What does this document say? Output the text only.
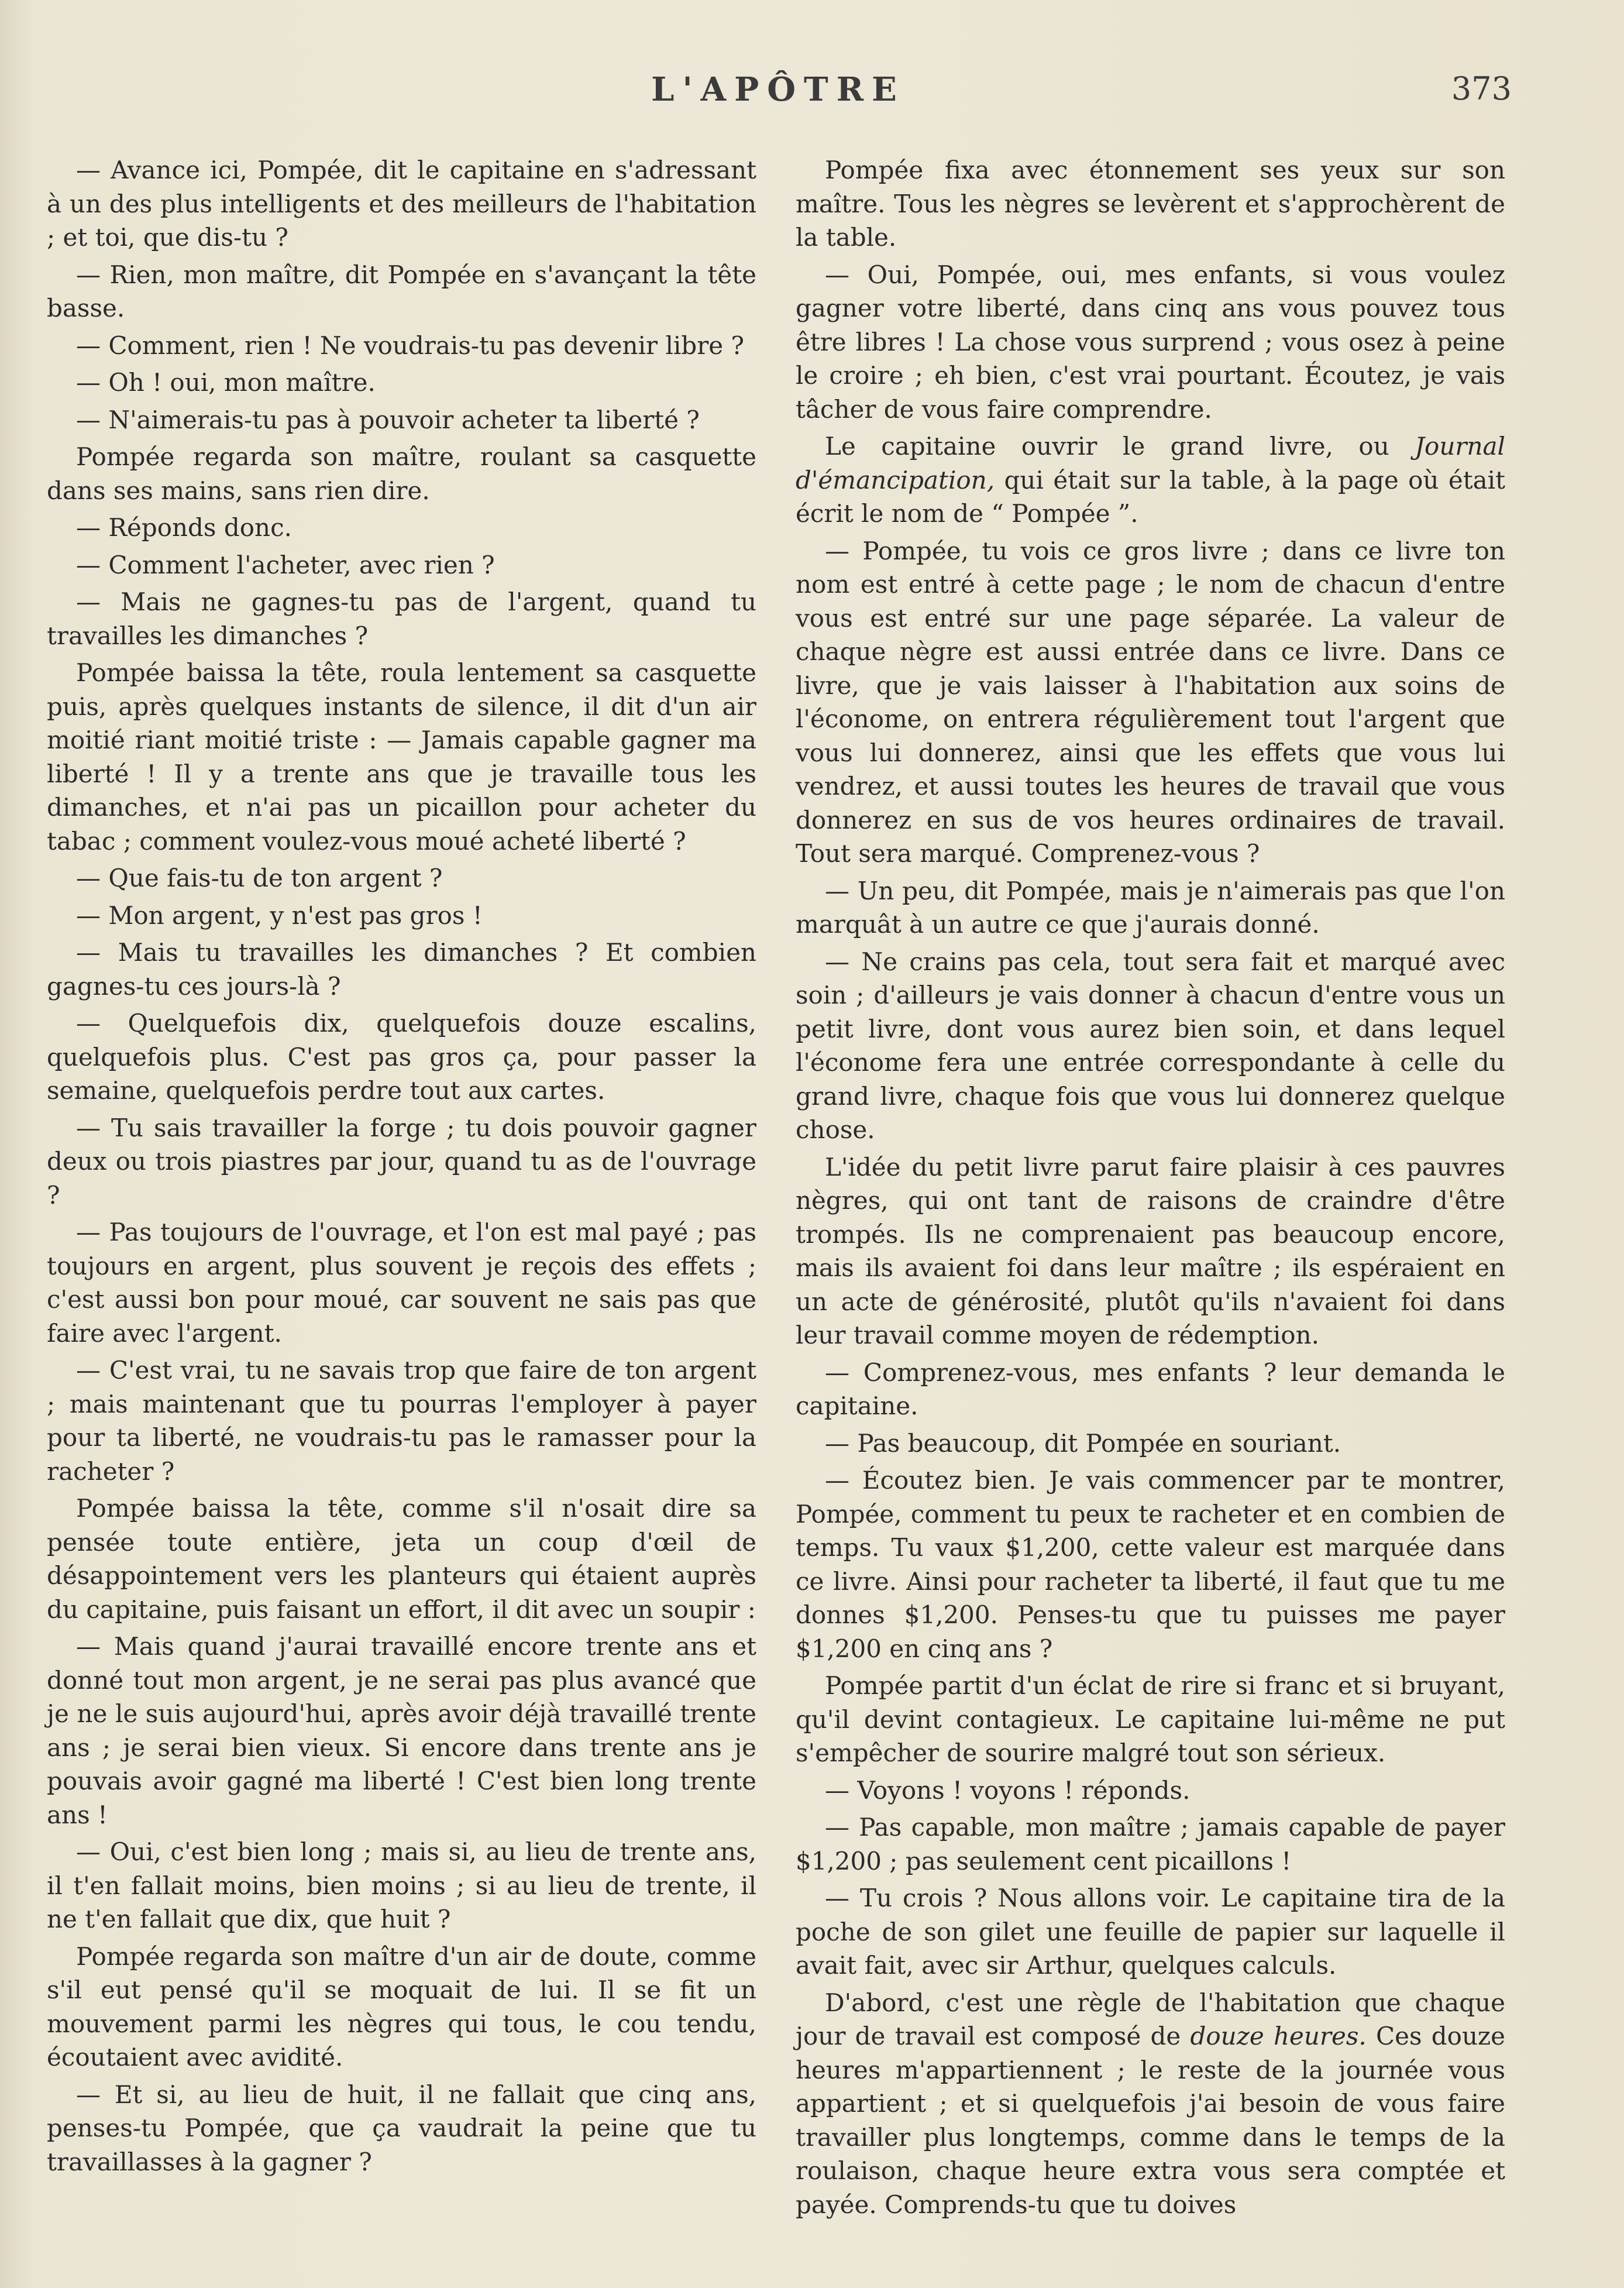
L'APÔTRE	373

— Avance ici, Pompée, dit le capitaine en s'adressant à un des plus intelligents et des meilleurs de l'habitation ; et toi, que dis-tu ?

— Rien, mon maître, dit Pompée en s'avançant la tête basse.

— Comment, rien ! Ne voudrais-tu pas devenir libre ?

— Oh ! oui, mon maître.

— N'aimerais-tu pas à pouvoir acheter ta liberté ?

Pompée regarda son maître, roulant sa casquette dans ses mains, sans rien dire.

— Réponds donc.

— Comment l'acheter, avec rien ?

— Mais ne gagnes-tu pas de l'argent, quand tu travailles les dimanches ?

Pompée baissa la tête, roula lentement sa casquette puis, après quelques instants de silence, il dit d'un air moitié riant moitié triste : — Jamais capable gagner ma liberté ! Il y a trente ans que je travaille tous les dimanches, et n'ai pas un picaillon pour acheter du tabac ; comment voulez-vous moué acheté liberté ?

— Que fais-tu de ton argent ?

— Mon argent, y n'est pas gros !

— Mais tu travailles les dimanches ? Et combien gagnes-tu ces jours-là ?

— Quelquefois dix, quelquefois douze escalins, quelquefois plus. C'est pas gros ça, pour passer la semaine, quelquefois perdre tout aux cartes.

— Tu sais travailler la forge ; tu dois pouvoir gagner deux ou trois piastres par jour, quand tu as de l'ouvrage ?

— Pas toujours de l'ouvrage, et l'on est mal payé ; pas toujours en argent, plus souvent je reçois des effets ; c'est aussi bon pour moué, car souvent ne sais pas que faire avec l'argent.

— C'est vrai, tu ne savais trop que faire de ton argent ; mais maintenant que tu pourras l'employer à payer pour ta liberté, ne voudrais-tu pas le ramasser pour la racheter ?

Pompée baissa la tête, comme s'il n'osait dire sa pensée toute entière, jeta un coup d'œil de désappointement vers les planteurs qui étaient auprès du capitaine, puis faisant un effort, il dit avec un soupir :

— Mais quand j'aurai travaillé encore trente ans et donné tout mon argent, je ne serai pas plus avancé que je ne le suis aujourd'hui, après avoir déjà travaillé trente ans ; je serai bien vieux. Si encore dans trente ans je pouvais avoir gagné ma liberté ! C'est bien long trente ans !

— Oui, c'est bien long ; mais si, au lieu de trente ans, il t'en fallait moins, bien moins ; si au lieu de trente, il ne t'en fallait que dix, que huit ?

Pompée regarda son maître d'un air de doute, comme s'il eut pensé qu'il se moquait de lui. Il se fit un mouvement parmi les nègres qui tous, le cou tendu, écoutaient avec avidité.

— Et si, au lieu de huit, il ne fallait que cinq ans, penses-tu Pompée, que ça vaudrait la peine que tu travaillasses à la gagner ?

Pompée fixa avec étonnement ses yeux sur son maître. Tous les nègres se levèrent et s'approchèrent de la table.

— Oui, Pompée, oui, mes enfants, si vous voulez gagner votre liberté, dans cinq ans vous pouvez tous être libres ! La chose vous surprend ; vous osez à peine le croire ; eh bien, c'est vrai pourtant. Écoutez, je vais tâcher de vous faire comprendre.

Le capitaine ouvrir le grand livre, ou Journal d'émancipation, qui était sur la table, à la page où était écrit le nom de “ Pompée ”.

— Pompée, tu vois ce gros livre ; dans ce livre ton nom est entré à cette page ; le nom de chacun d'entre vous est entré sur une page séparée. La valeur de chaque nègre est aussi entrée dans ce livre. Dans ce livre, que je vais laisser à l'habitation aux soins de l'économe, on entrera régulièrement tout l'argent que vous lui donnerez, ainsi que les effets que vous lui vendrez, et aussi toutes les heures de travail que vous donnerez en sus de vos heures ordinaires de travail. Tout sera marqué. Comprenez-vous ?

— Un peu, dit Pompée, mais je n'aimerais pas que l'on marquât à un autre ce que j'aurais donné.

— Ne crains pas cela, tout sera fait et marqué avec soin ; d'ailleurs je vais donner à chacun d'entre vous un petit livre, dont vous aurez bien soin, et dans lequel l'économe fera une entrée correspondante à celle du grand livre, chaque fois que vous lui donnerez quelque chose.

L'idée du petit livre parut faire plaisir à ces pauvres nègres, qui ont tant de raisons de craindre d'être trompés. Ils ne comprenaient pas beaucoup encore, mais ils avaient foi dans leur maître ; ils espéraient en un acte de générosité, plutôt qu'ils n'avaient foi dans leur travail comme moyen de rédemption.

— Comprenez-vous, mes enfants ? leur demanda le capitaine.

— Pas beaucoup, dit Pompée en souriant.

— Écoutez bien. Je vais commencer par te montrer, Pompée, comment tu peux te racheter et en combien de temps. Tu vaux $1,200, cette valeur est marquée dans ce livre. Ainsi pour racheter ta liberté, il faut que tu me donnes $1,200. Penses-tu que tu puisses me payer $1,200 en cinq ans ?

Pompée partit d'un éclat de rire si franc et si bruyant, qu'il devint contagieux. Le capitaine lui-même ne put s'empêcher de sourire malgré tout son sérieux.

— Voyons ! voyons ! réponds.

— Pas capable, mon maître ; jamais capable de payer $1,200 ; pas seulement cent picaillons !

— Tu crois ? Nous allons voir. Le capitaine tira de la poche de son gilet une feuille de papier sur laquelle il avait fait, avec sir Arthur, quelques calculs.

D'abord, c'est une règle de l'habitation que chaque jour de travail est composé de douze heures. Ces douze heures m'appartiennent ; le reste de la journée vous appartient ; et si quelquefois j'ai besoin de vous faire travailler plus longtemps, comme dans le temps de la roulaison, chaque heure extra vous sera comptée et payée. Comprends-tu que tu doives
